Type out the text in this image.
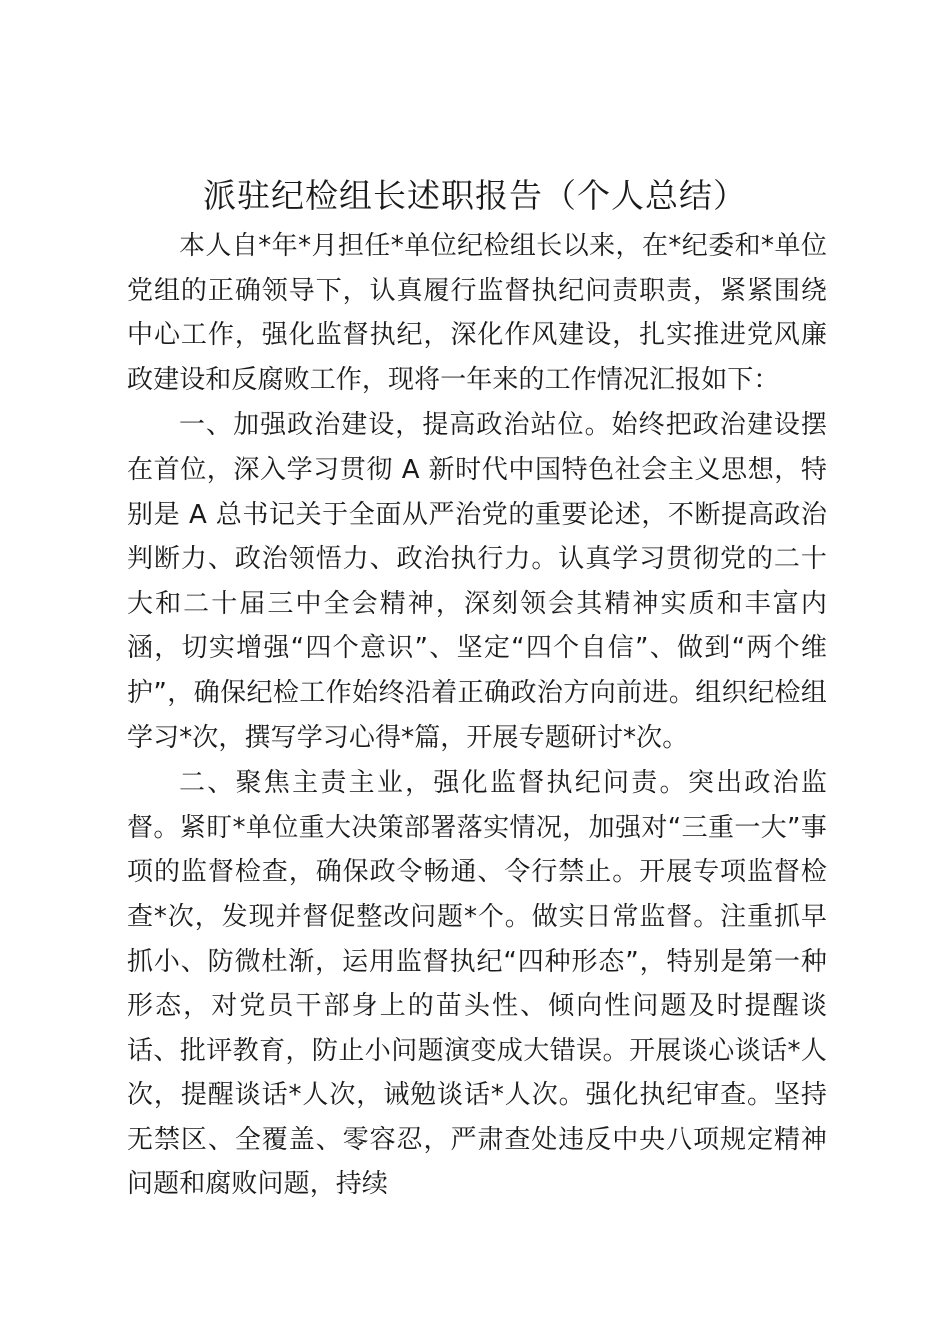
派驻纪检组长述职报告（个人总结）

本人自*年*月担任*单位纪检组长以来，在*纪委和*单位党组的正确领导下，认真履行监督执纪问责职责，紧紧围绕中心工作，强化监督执纪，深化作风建设，扎实推进党风廉政建设和反腐败工作，现将一年来的工作情况汇报如下：

一、加强政治建设，提高政治站位。始终把政治建设摆在首位，深入学习贯彻 A 新时代中国特色社会主义思想，特别是 A 总书记关于全面从严治党的重要论述，不断提高政治判断力、政治领悟力、政治执行力。认真学习贯彻党的二十大和二十届三中全会精神，深刻领会其精神实质和丰富内涵，切实增强“四个意识”、坚定“四个自信”、做到“两个维护”，确保纪检工作始终沿着正确政治方向前进。组织纪检组学习*次，撰写学习心得*篇，开展专题研讨*次。

二、聚焦主责主业，强化监督执纪问责。突出政治监督。紧盯*单位重大决策部署落实情况，加强对“三重一大”事项的监督检查，确保政令畅通、令行禁止。开展专项监督检查*次，发现并督促整改问题*个。做实日常监督。注重抓早抓小、防微杜渐，运用监督执纪“四种形态”，特别是第一种形态，对党员干部身上的苗头性、倾向性问题及时提醒谈话、批评教育，防止小问题演变成大错误。开展谈心谈话*人次，提醒谈话*人次，诫勉谈话*人次。强化执纪审查。坚持无禁区、全覆盖、零容忍，严肃查处违反中央八项规定精神问题和腐败问题，持续
